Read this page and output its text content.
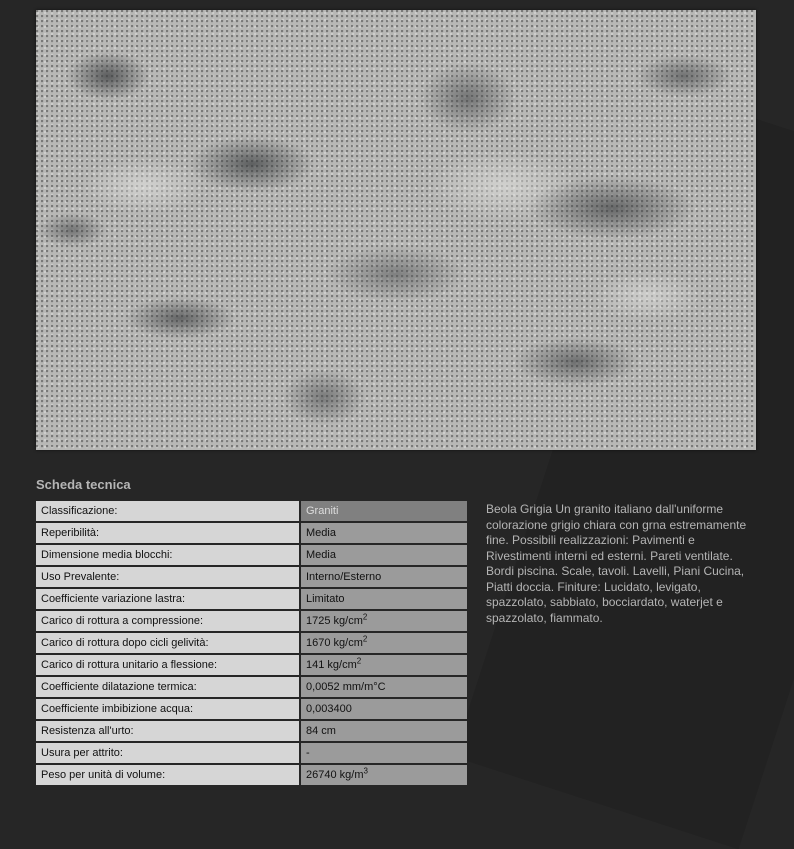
Scheda tecnica
Classificazione:	Graniti
Reperibilità:	Media
Dimensione media blocchi:	Media
Uso Prevalente:	Interno/Esterno
Coefficiente variazione lastra:	Limitato
Carico di rottura a compressione:	1725 $kg/cm^2$
Carico di rottura dopo cicli gelività:	1670 $kg/cm^2$
Carico di rottura unitario a flessione:	141 $kg/cm^2$
Coefficiente dilatazione termica:	0,0052 mm/m°C
Coefficiente imbibizione acqua:	0,003400
Resistenza all'urto:	84 cm
Usura per attrito:	-
Peso per unità di volume:	26740 $kg/m^3$
Beola Grigia Un granito italiano dall'uniforme colorazione grigio chiara con grna estremamente fine. Possibili realizzazioni: Pavimenti e Rivestimenti interni ed esterni. Pareti ventilate. Bordi piscina. Scale, tavoli. Lavelli, Piani Cucina, Piatti doccia. Finiture: Lucidato, levigato, spazzolato, sabbiato, bocciardato, waterjet e spazzolato, fiammato.
